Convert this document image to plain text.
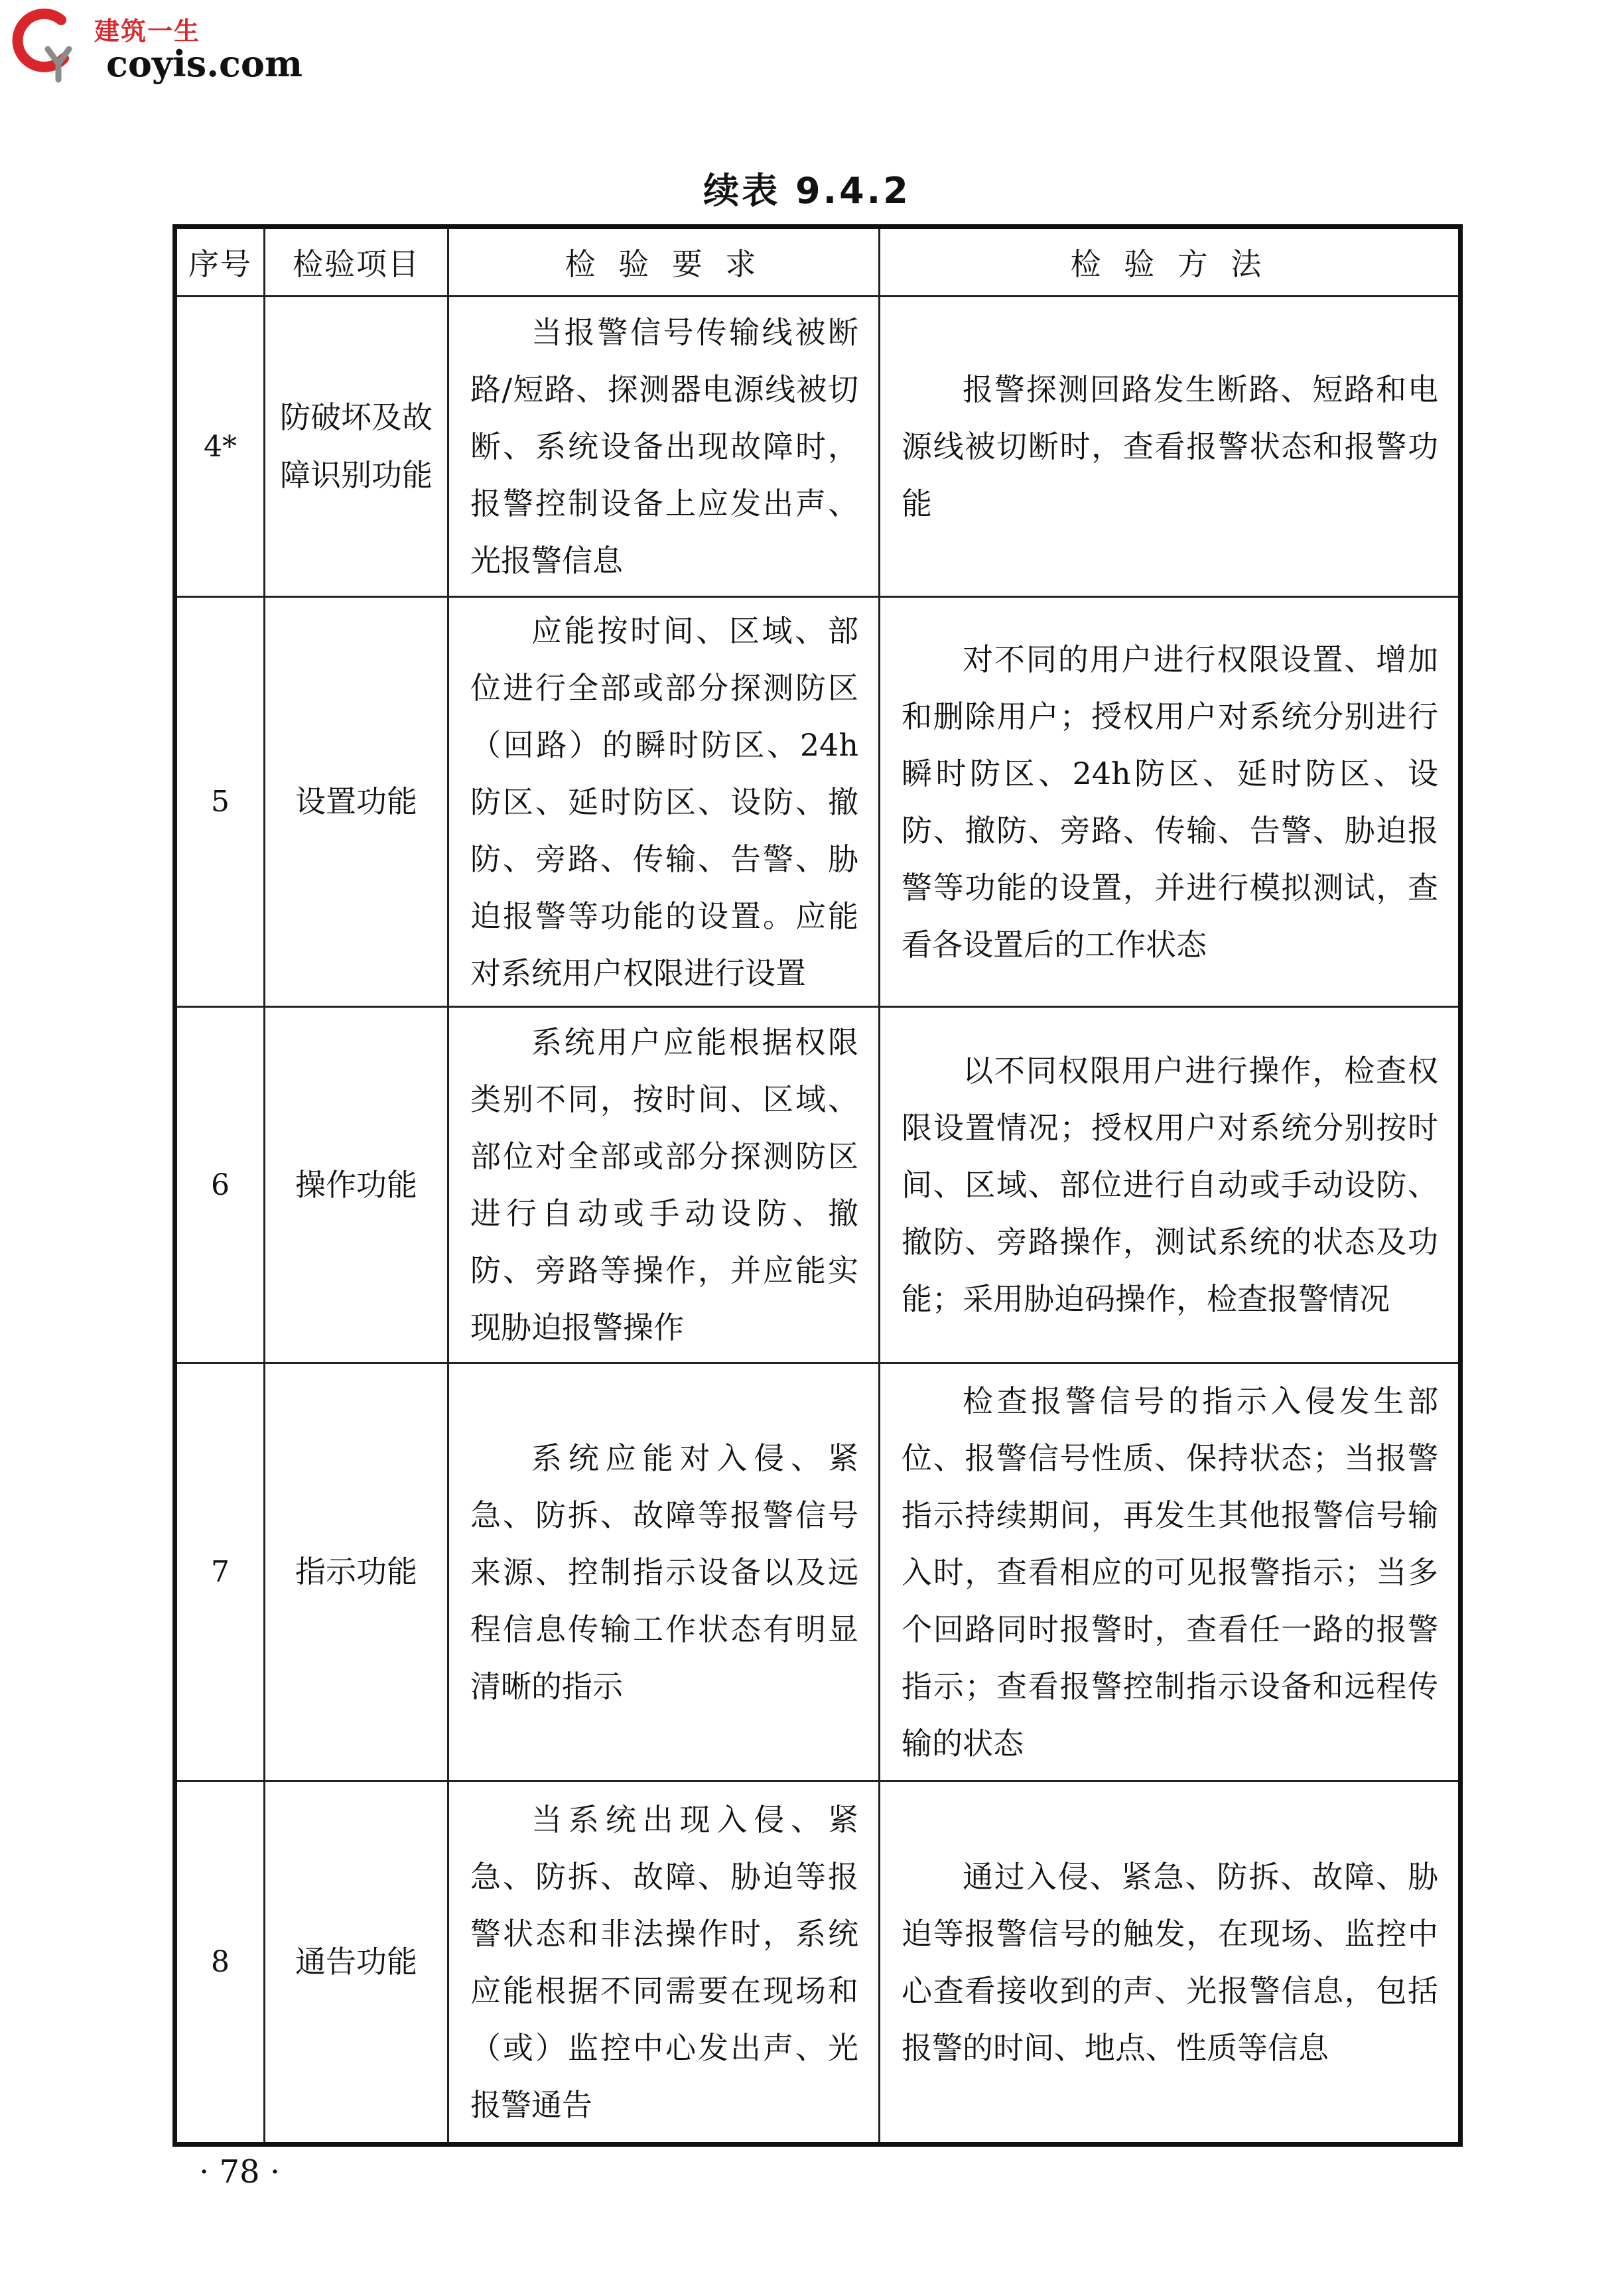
建筑一生
coyis.com
续表 9.4.2
序号	检验项目	检 验 要 求	检 验 方 法
4*	防破坏及故障识别功能	当报警信号传输线被断路/短路、探测器电源线被切断、系统设备出现故障时，报警控制设备上应发出声、光报警信息	报警探测回路发生断路、短路和电源线被切断时，查看报警状态和报警功能
5	设置功能	应能按时间、区域、部位进行全部或部分探测防区（回路）的瞬时防区、24h防区、延时防区、设防、撤防、旁路、传输、告警、胁迫报警等功能的设置。应能对系统用户权限进行设置	对不同的用户进行权限设置、增加和删除用户；授权用户对系统分别进行瞬时防区、24h防区、延时防区、设防、撤防、旁路、传输、告警、胁迫报警等功能的设置，并进行模拟测试，查看各设置后的工作状态
6	操作功能	系统用户应能根据权限类别不同，按时间、区域、部位对全部或部分探测防区进行自动或手动设防、撤防、旁路等操作，并应能实现胁迫报警操作	以不同权限用户进行操作，检查权限设置情况；授权用户对系统分别按时间、区域、部位进行自动或手动设防、撤防、旁路操作，测试系统的状态及功能；采用胁迫码操作，检查报警情况
7	指示功能	系统应能对入侵、紧急、防拆、故障等报警信号来源、控制指示设备以及远程信息传输工作状态有明显清晰的指示	检查报警信号的指示入侵发生部位、报警信号性质、保持状态；当报警指示持续期间，再发生其他报警信号输入时，查看相应的可见报警指示；当多个回路同时报警时，查看任一路的报警指示；查看报警控制指示设备和远程传输的状态
8	通告功能	当系统出现入侵、紧急、防拆、故障、胁迫等报警状态和非法操作时，系统应能根据不同需要在现场和（或）监控中心发出声、光报警通告	通过入侵、紧急、防拆、故障、胁迫等报警信号的触发，在现场、监控中心查看接收到的声、光报警信息，包括报警的时间、地点、性质等信息
· 78 ·
